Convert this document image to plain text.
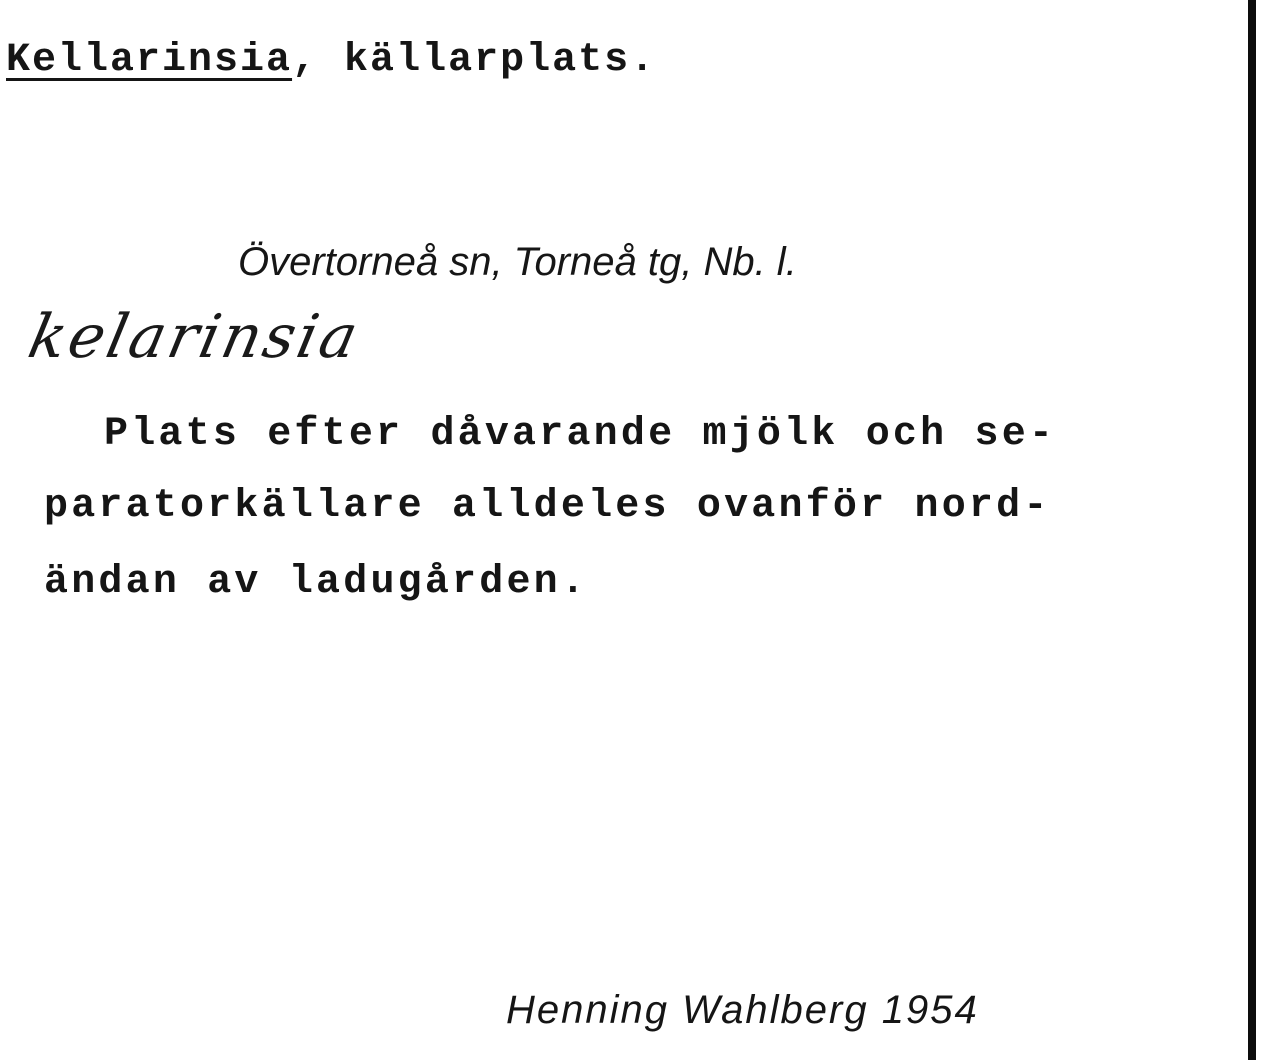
Kellarinsia, källarplats.
Övertorneå sn, Torneå tg, Nb. l.
kelarinsia
Plats efter dåvarande mjölk och se-
paratorkällare alldeles ovanför nord-
ändan av ladugården.
Henning Wahlberg 1954
